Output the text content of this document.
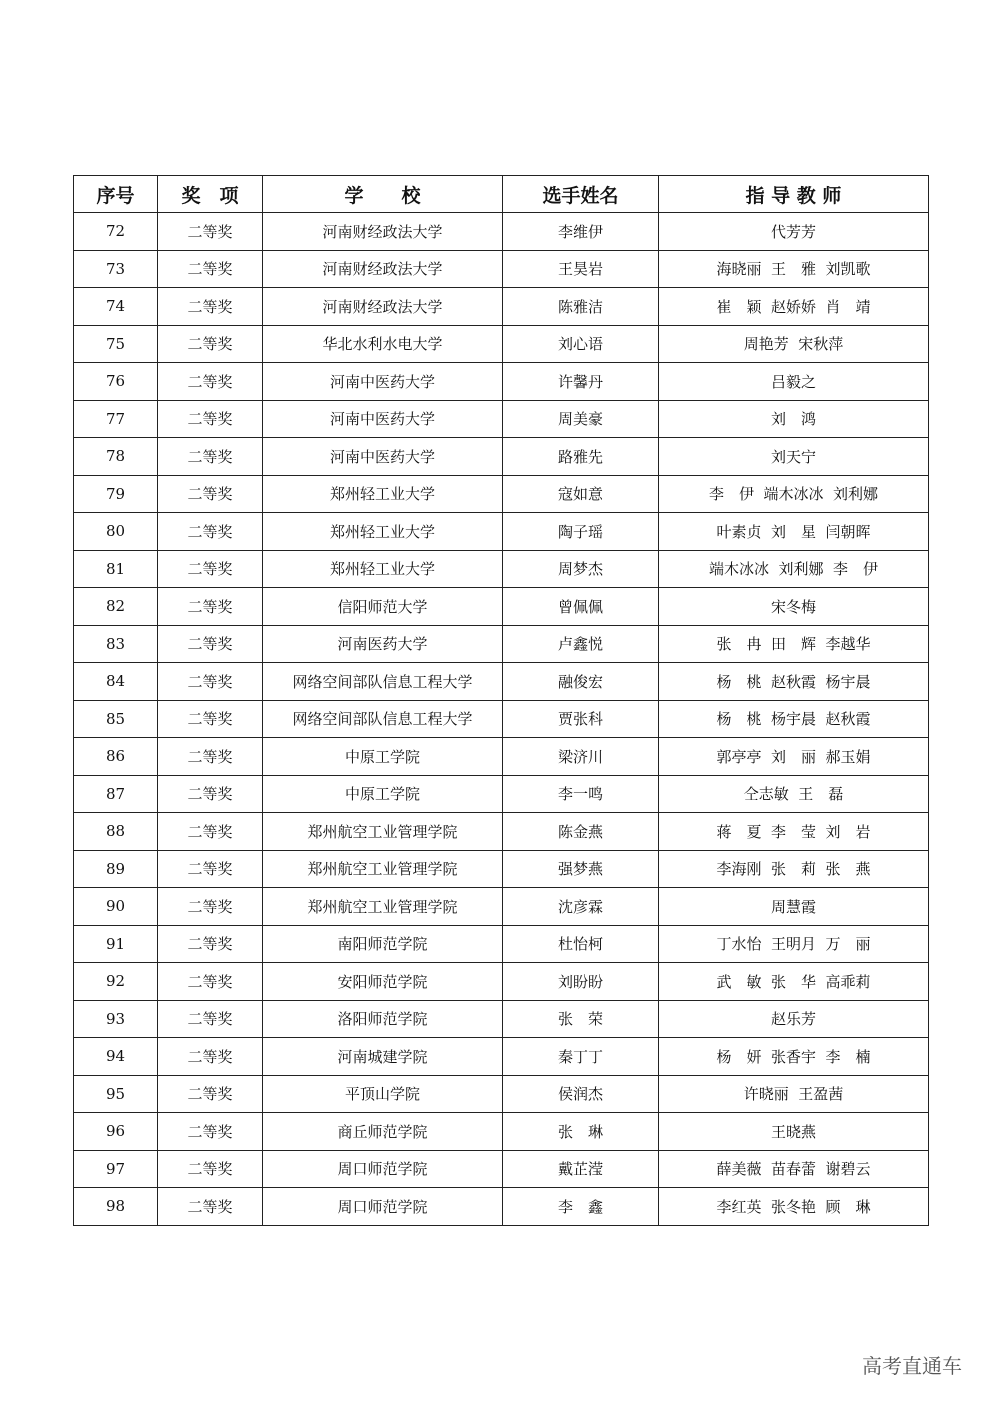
序号	奖　项	学　　校	选手姓名	指 导 教 师
72	二等奖	河南财经政法大学	李维伊	代芳芳
73	二等奖	河南财经政法大学	王昊岩	海晓丽  王　雅  刘凯歌
74	二等奖	河南财经政法大学	陈雅洁	崔　颖  赵娇娇  肖　靖
75	二等奖	华北水利水电大学	刘心语	周艳芳  宋秋萍
76	二等奖	河南中医药大学	许馨丹	吕毅之
77	二等奖	河南中医药大学	周美豪	刘　鸿
78	二等奖	河南中医药大学	路雅先	刘天宁
79	二等奖	郑州轻工业大学	寇如意	李　伊  端木冰冰  刘利娜
80	二等奖	郑州轻工业大学	陶子瑶	叶素贞  刘　星  闫朝晖
81	二等奖	郑州轻工业大学	周梦杰	端木冰冰  刘利娜  李　伊
82	二等奖	信阳师范大学	曾佩佩	宋冬梅
83	二等奖	河南医药大学	卢鑫悦	张　冉  田　辉  李越华
84	二等奖	网络空间部队信息工程大学	融俊宏	杨　桃  赵秋霞  杨宇晨
85	二等奖	网络空间部队信息工程大学	贾张科	杨　桃  杨宇晨  赵秋霞
86	二等奖	中原工学院	梁济川	郭亭亭  刘　丽  郝玉娟
87	二等奖	中原工学院	李一鸣	仝志敏  王　磊
88	二等奖	郑州航空工业管理学院	陈金燕	蒋　夏  李　莹  刘　岩
89	二等奖	郑州航空工业管理学院	强梦燕	李海刚  张　莉  张　燕
90	二等奖	郑州航空工业管理学院	沈彦霖	周慧霞
91	二等奖	南阳师范学院	杜怡柯	丁水怡  王明月  万　丽
92	二等奖	安阳师范学院	刘盼盼	武　敏  张　华  高乖莉
93	二等奖	洛阳师范学院	张　荣	赵乐芳
94	二等奖	河南城建学院	秦丁丁	杨　妍  张香宇  李　楠
95	二等奖	平顶山学院	侯润杰	许晓丽  王盈茜
96	二等奖	商丘师范学院	张　琳	王晓燕
97	二等奖	周口师范学院	戴芷滢	薛美薇  苗春蕾  谢碧云
98	二等奖	周口师范学院	李　鑫	李红英  张冬艳  顾　琳
高考直通车
